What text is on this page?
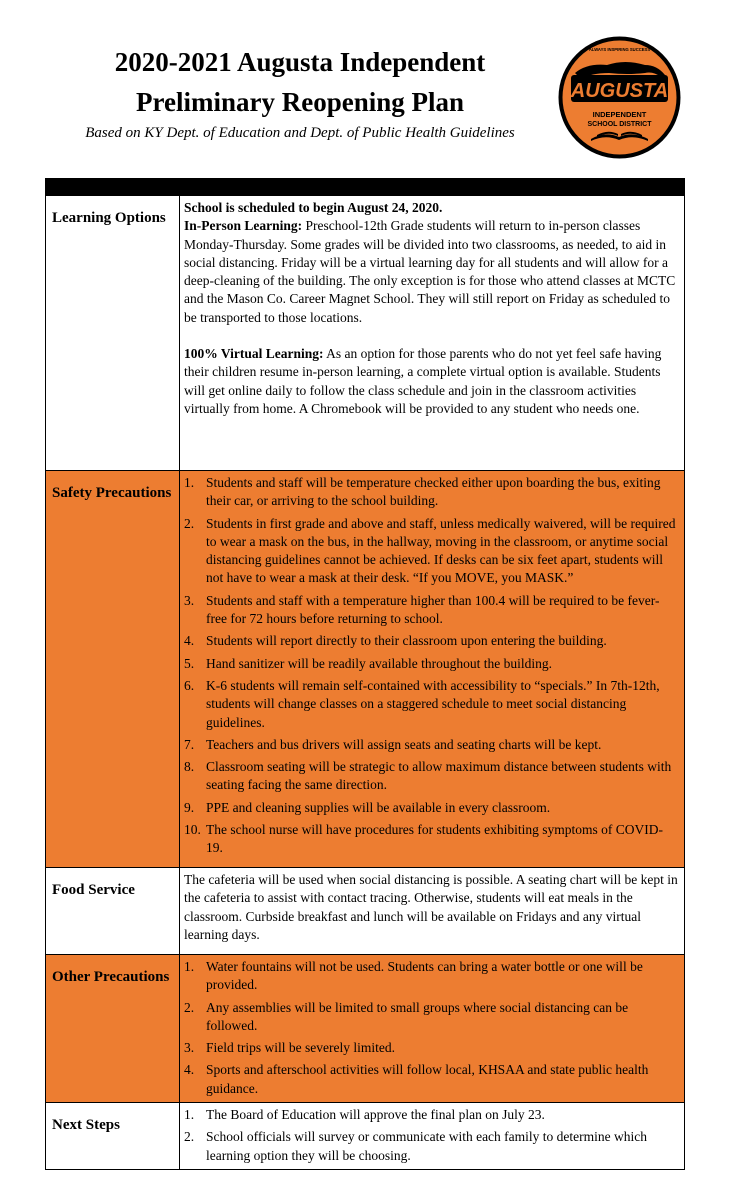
2020-2021 Augusta Independent
Preliminary Reopening Plan
Based on KY Dept. of Education and Dept. of Public Health Guidelines
ALWAYS INSPIRING SUCCESS
AUGUSTA
INDEPENDENT
SCHOOL DISTRICT
Learning Options
School is scheduled to begin August 24, 2020.
In-Person Learning: Preschool-12th Grade students will return to in-person classes Monday-Thursday. Some grades will be divided into two classrooms, as needed, to aid in social distancing. Friday will be a virtual learning day for all students and will allow for a deep-cleaning of the building. The only exception is for those who attend classes at MCTC and the Mason Co. Career Magnet School. They will still report on Friday as scheduled to be transported to those locations.
100% Virtual Learning: As an option for those parents who do not yet feel safe having their children resume in-person learning, a complete virtual option is available. Students will get online daily to follow the class schedule and join in the classroom activities virtually from home. A Chromebook will be provided to any student who needs one.
Safety Precautions
1. Students and staff will be temperature checked either upon boarding the bus, exiting their car, or arriving to the school building.
2. Students in first grade and above and staff, unless medically waivered, will be required to wear a mask on the bus, in the hallway, moving in the classroom, or anytime social distancing guidelines cannot be achieved. If desks can be six feet apart, students will not have to wear a mask at their desk. “If you MOVE, you MASK.”
3. Students and staff with a temperature higher than 100.4 will be required to be fever-free for 72 hours before returning to school.
4. Students will report directly to their classroom upon entering the building.
5. Hand sanitizer will be readily available throughout the building.
6. K-6 students will remain self-contained with accessibility to “specials.” In 7th-12th, students will change classes on a staggered schedule to meet social distancing guidelines.
7. Teachers and bus drivers will assign seats and seating charts will be kept.
8. Classroom seating will be strategic to allow maximum distance between students with seating facing the same direction.
9. PPE and cleaning supplies will be available in every classroom.
10. The school nurse will have procedures for students exhibiting symptoms of COVID-19.
Food Service
The cafeteria will be used when social distancing is possible. A seating chart will be kept in the cafeteria to assist with contact tracing. Otherwise, students will eat meals in the classroom. Curbside breakfast and lunch will be available on Fridays and any virtual learning days.
Other Precautions
1. Water fountains will not be used. Students can bring a water bottle or one will be provided.
2. Any assemblies will be limited to small groups where social distancing can be followed.
3. Field trips will be severely limited.
4. Sports and afterschool activities will follow local, KHSAA and state public health guidance.
Next Steps
1. The Board of Education will approve the final plan on July 23.
2. School officials will survey or communicate with each family to determine which learning option they will be choosing.
